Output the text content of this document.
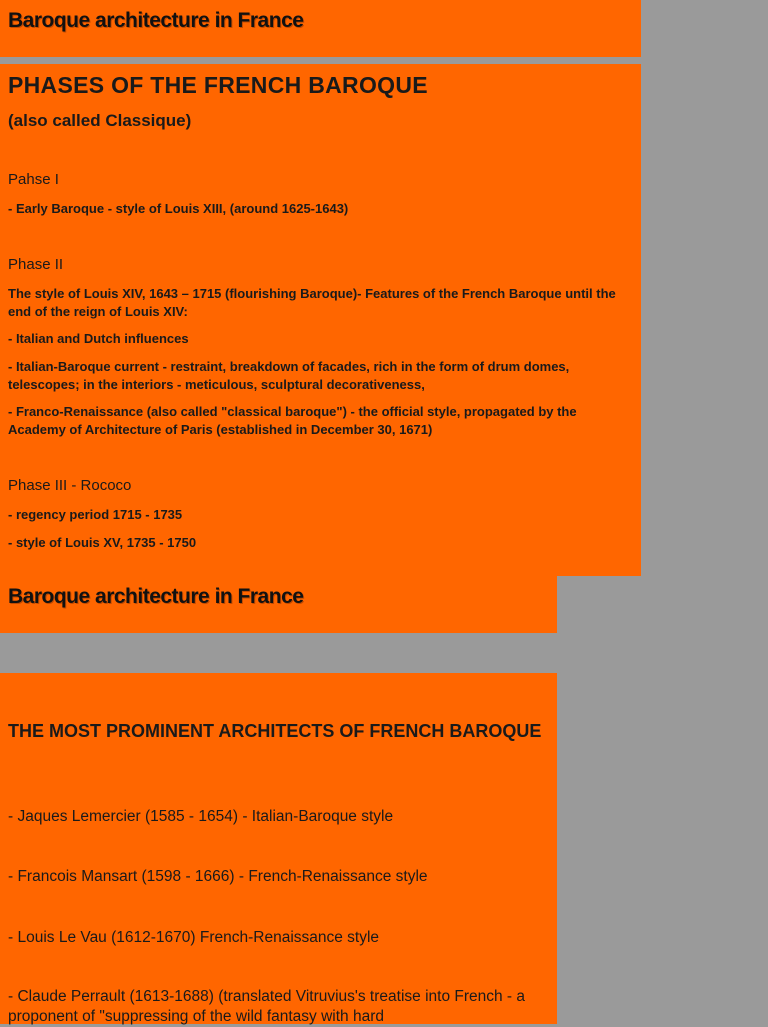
Baroque architecture in France
PHASES OF THE FRENCH BAROQUE
(also called Classique)
Pahse I

- Early Baroque - style of Louis XIII, (around 1625-1643)

Phase II

The style of Louis XIV, 1643 – 1715 (flourishing Baroque)- Features of the French Baroque until the end of the reign of Louis XIV:

- Italian and Dutch influences

- Italian-Baroque current - restraint, breakdown of facades, rich in the form of drum domes, telescopes; in the interiors - meticulous, sculptural decorativeness,

- Franco-Renaissance (also called "classical baroque") - the official style, propagated by the Academy of Architecture of Paris (established in December 30, 1671)

Phase III - Rococo

- regency period 1715 - 1735

- style of Louis XV, 1735 - 1750

Baroque architecture in France
THE MOST PROMINENT ARCHITECTS OF FRENCH BAROQUE

- Jaques Lemercier (1585 - 1654) - Italian-Baroque style

- Francois Mansart (1598 - 1666) - French-Renaissance style

- Louis Le Vau (1612-1670) French-Renaissance style

- Claude Perrault (1613-1688) (translated Vitruvius's treatise into French - a proponent of "suppressing of the wild fantasy with hard
